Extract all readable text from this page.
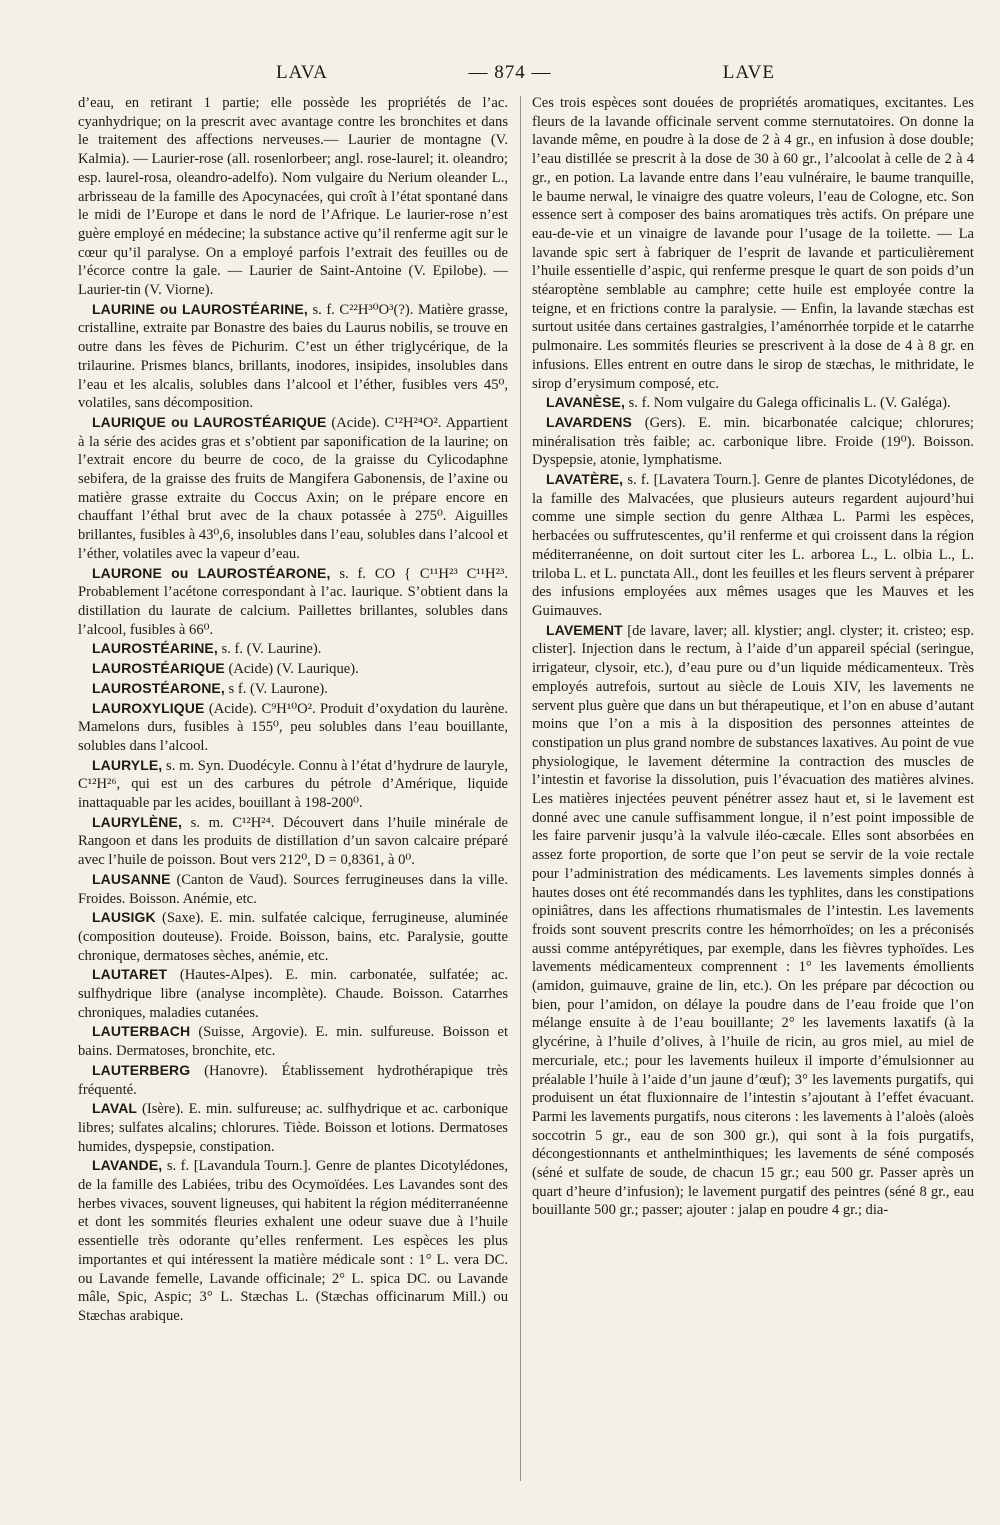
LAVA	— 874 —	LAVE

d’eau, en retirant 1 partie; elle possède les propriétés de l’ac. cyanhydrique; on la prescrit avec avantage contre les bronchites et dans le traitement des affections nerveuses.— Laurier de montagne (V. Kalmia). — Laurier-rose (all. rosenlorbeer; angl. rose-laurel; it. oleandro; esp. laurel-rosa, oleandro-adelfo). Nom vulgaire du Nerium oleander L., arbrisseau de la famille des Apocynacées, qui croît à l’état spontané dans le midi de l’Europe et dans le nord de l’Afrique. Le laurier-rose n’est guère employé en médecine; la substance active qu’il renferme agit sur le cœur qu’il paralyse. On a employé parfois l’extrait des feuilles ou de l’écorce contre la gale. — Laurier de Saint-Antoine (V. Epilobe). — Laurier-tin (V. Viorne).

LAURINE ou LAUROSTÉARINE, s. f. C²²H³⁰O³(?). Matière grasse, cristalline, extraite par Bonastre des baies du Laurus nobilis, se trouve en outre dans les fèves de Pichurim. C’est un éther triglycérique, de la trilaurine. Prismes blancs, brillants, inodores, insipides, insolubles dans l’eau et les alcalis, solubles dans l’alcool et l’éther, fusibles vers 45⁰, volatiles, sans décomposition.

LAURIQUE ou LAUROSTÉARIQUE (Acide). C¹²H²⁴O². Appartient à la série des acides gras et s’obtient par saponification de la laurine; on l’extrait encore du beurre de coco, de la graisse du Cylicodaphne sebifera, de la graisse des fruits de Mangifera Gabonensis, de l’axine ou matière grasse extraite du Coccus Axin; on le prépare encore en chauffant l’éthal brut avec de la chaux potassée à 275⁰. Aiguilles brillantes, fusibles à 43⁰,6, insolubles dans l’eau, solubles dans l’alcool et l’éther, volatiles avec la vapeur d’eau.

LAURONE ou LAUROSTÉARONE, s. f. CO { C¹¹H²³ C¹¹H²³. Probablement l’acétone correspondant à l’ac. laurique. S’obtient dans la distillation du laurate de calcium. Paillettes brillantes, solubles dans l’alcool, fusibles à 66⁰.

LAUROSTÉARINE, s. f. (V. Laurine).

LAUROSTÉARIQUE (Acide) (V. Laurique).

LAUROSTÉARONE, s f. (V. Laurone).

LAUROXYLIQUE (Acide). C⁹H¹⁰O². Produit d’oxydation du laurène. Mamelons durs, fusibles à 155⁰, peu solubles dans l’eau bouillante, solubles dans l’alcool.

LAURYLE, s. m. Syn. Duodécyle. Connu à l’état d’hydrure de lauryle, C¹²H²⁶, qui est un des carbures du pétrole d’Amérique, liquide inattaquable par les acides, bouillant à 198-200⁰.

LAURYLÈNE, s. m. C¹²H²⁴. Découvert dans l’huile minérale de Rangoon et dans les produits de distillation d’un savon calcaire préparé avec l’huile de poisson. Bout vers 212⁰, D = 0,8361, à 0⁰.

LAUSANNE (Canton de Vaud). Sources ferrugineuses dans la ville. Froides. Boisson. Anémie, etc.

LAUSIGK (Saxe). E. min. sulfatée calcique, ferrugineuse, aluminée (composition douteuse). Froide. Boisson, bains, etc. Paralysie, goutte chronique, dermatoses sèches, anémie, etc.

LAUTARET (Hautes-Alpes). E. min. carbonatée, sulfatée; ac. sulfhydrique libre (analyse incomplète). Chaude. Boisson. Catarrhes chroniques, maladies cutanées.

LAUTERBACH (Suisse, Argovie). E. min. sulfureuse. Boisson et bains. Dermatoses, bronchite, etc.

LAUTERBERG (Hanovre). Établissement hydrothérapique très fréquenté.

LAVAL (Isère). E. min. sulfureuse; ac. sulfhydrique et ac. carbonique libres; sulfates alcalins; chlorures. Tiède. Boisson et lotions. Dermatoses humides, dyspepsie, constipation.

LAVANDE, s. f. [Lavandula Tourn.]. Genre de plantes Dicotylédones, de la famille des Labiées, tribu des Ocymoïdées. Les Lavandes sont des herbes vivaces, souvent ligneuses, qui habitent la région méditerranéenne et dont les sommités fleuries exhalent une odeur suave due à l’huile essentielle très odorante qu’elles renferment. Les espèces les plus importantes et qui intéressent la matière médicale sont : 1° L. vera DC. ou Lavande femelle, Lavande officinale; 2° L. spica DC. ou Lavande mâle, Spic, Aspic; 3° L. Stæchas L. (Stæchas officinarum Mill.) ou Stæchas arabique.

Ces trois espèces sont douées de propriétés aromatiques, excitantes. Les fleurs de la lavande officinale servent comme sternutatoires. On donne la lavande même, en poudre à la dose de 2 à 4 gr., en infusion à dose double; l’eau distillée se prescrit à la dose de 30 à 60 gr., l’alcoolat à celle de 2 à 4 gr., en potion. La lavande entre dans l’eau vulnéraire, le baume tranquille, le baume nerwal, le vinaigre des quatre voleurs, l’eau de Cologne, etc. Son essence sert à composer des bains aromatiques très actifs. On prépare une eau-de-vie et un vinaigre de lavande pour l’usage de la toilette. — La lavande spic sert à fabriquer de l’esprit de lavande et particulièrement l’huile essentielle d’aspic, qui renferme presque le quart de son poids d’un stéaroptène semblable au camphre; cette huile est employée contre la teigne, et en frictions contre la paralysie. — Enfin, la lavande stæchas est surtout usitée dans certaines gastralgies, l’aménorrhée torpide et le catarrhe pulmonaire. Les sommités fleuries se prescrivent à la dose de 4 à 8 gr. en infusions. Elles entrent en outre dans le sirop de stæchas, le mithridate, le sirop d’erysimum composé, etc.

LAVANÈSE, s. f. Nom vulgaire du Galega officinalis L. (V. Galéga).

LAVARDENS (Gers). E. min. bicarbonatée calcique; chlorures; minéralisation très faible; ac. carbonique libre. Froide (19⁰). Boisson. Dyspepsie, atonie, lymphatisme.

LAVATÈRE, s. f. [Lavatera Tourn.]. Genre de plantes Dicotylédones, de la famille des Malvacées, que plusieurs auteurs regardent aujourd’hui comme une simple section du genre Althæa L. Parmi les espèces, herbacées ou suffrutescentes, qu’il renferme et qui croissent dans la région méditerranéenne, on doit surtout citer les L. arborea L., L. olbia L., L. triloba L. et L. punctata All., dont les feuilles et les fleurs servent à préparer des infusions employées aux mêmes usages que les Mauves et les Guimauves.

LAVEMENT [de lavare, laver; all. klystier; angl. clyster; it. cristeo; esp. clister]. Injection dans le rectum, à l’aide d’un appareil spécial (seringue, irrigateur, clysoir, etc.), d’eau pure ou d’un liquide médicamenteux. Très employés autrefois, surtout au siècle de Louis XIV, les lavements ne servent plus guère que dans un but thérapeutique, et l’on en abuse d’autant moins que l’on a mis à la disposition des personnes atteintes de constipation un plus grand nombre de substances laxatives. Au point de vue physiologique, le lavement détermine la contraction des muscles de l’intestin et favorise la dissolution, puis l’évacuation des matières alvines. Les matières injectées peuvent pénétrer assez haut et, si le lavement est donné avec une canule suffisamment longue, il n’est point impossible de les faire parvenir jusqu’à la valvule iléo-cæcale. Elles sont absorbées en assez forte proportion, de sorte que l’on peut se servir de la voie rectale pour l’administration des médicaments. Les lavements simples donnés à hautes doses ont été recommandés dans les typhlites, dans les constipations opiniâtres, dans les affections rhumatismales de l’intestin. Les lavements froids sont souvent prescrits contre les hémorrhoïdes; on les a préconisés aussi comme antépyrétiques, par exemple, dans les fièvres typhoïdes. Les lavements médicamenteux comprennent : 1° les lavements émollients (amidon, guimauve, graine de lin, etc.). On les prépare par décoction ou bien, pour l’amidon, on délaye la poudre dans de l’eau froide que l’on mélange ensuite à de l’eau bouillante; 2° les lavements laxatifs (à la glycérine, à l’huile d’olives, à l’huile de ricin, au gros miel, au miel de mercuriale, etc.; pour les lavements huileux il importe d’émulsionner au préalable l’huile à l’aide d’un jaune d’œuf); 3° les lavements purgatifs, qui produisent un état fluxionnaire de l’intestin s’ajoutant à l’effet évacuant. Parmi les lavements purgatifs, nous citerons : les lavements à l’aloès (aloès soccotrin 5 gr., eau de son 300 gr.), qui sont à la fois purgatifs, décongestionnants et anthelminthiques; les lavements de séné composés (séné et sulfate de soude, de chacun 15 gr.; eau 500 gr. Passer après un quart d’heure d’infusion); le lavement purgatif des peintres (séné 8 gr., eau bouillante 500 gr.; passer; ajouter : jalap en poudre 4 gr.; dia-
